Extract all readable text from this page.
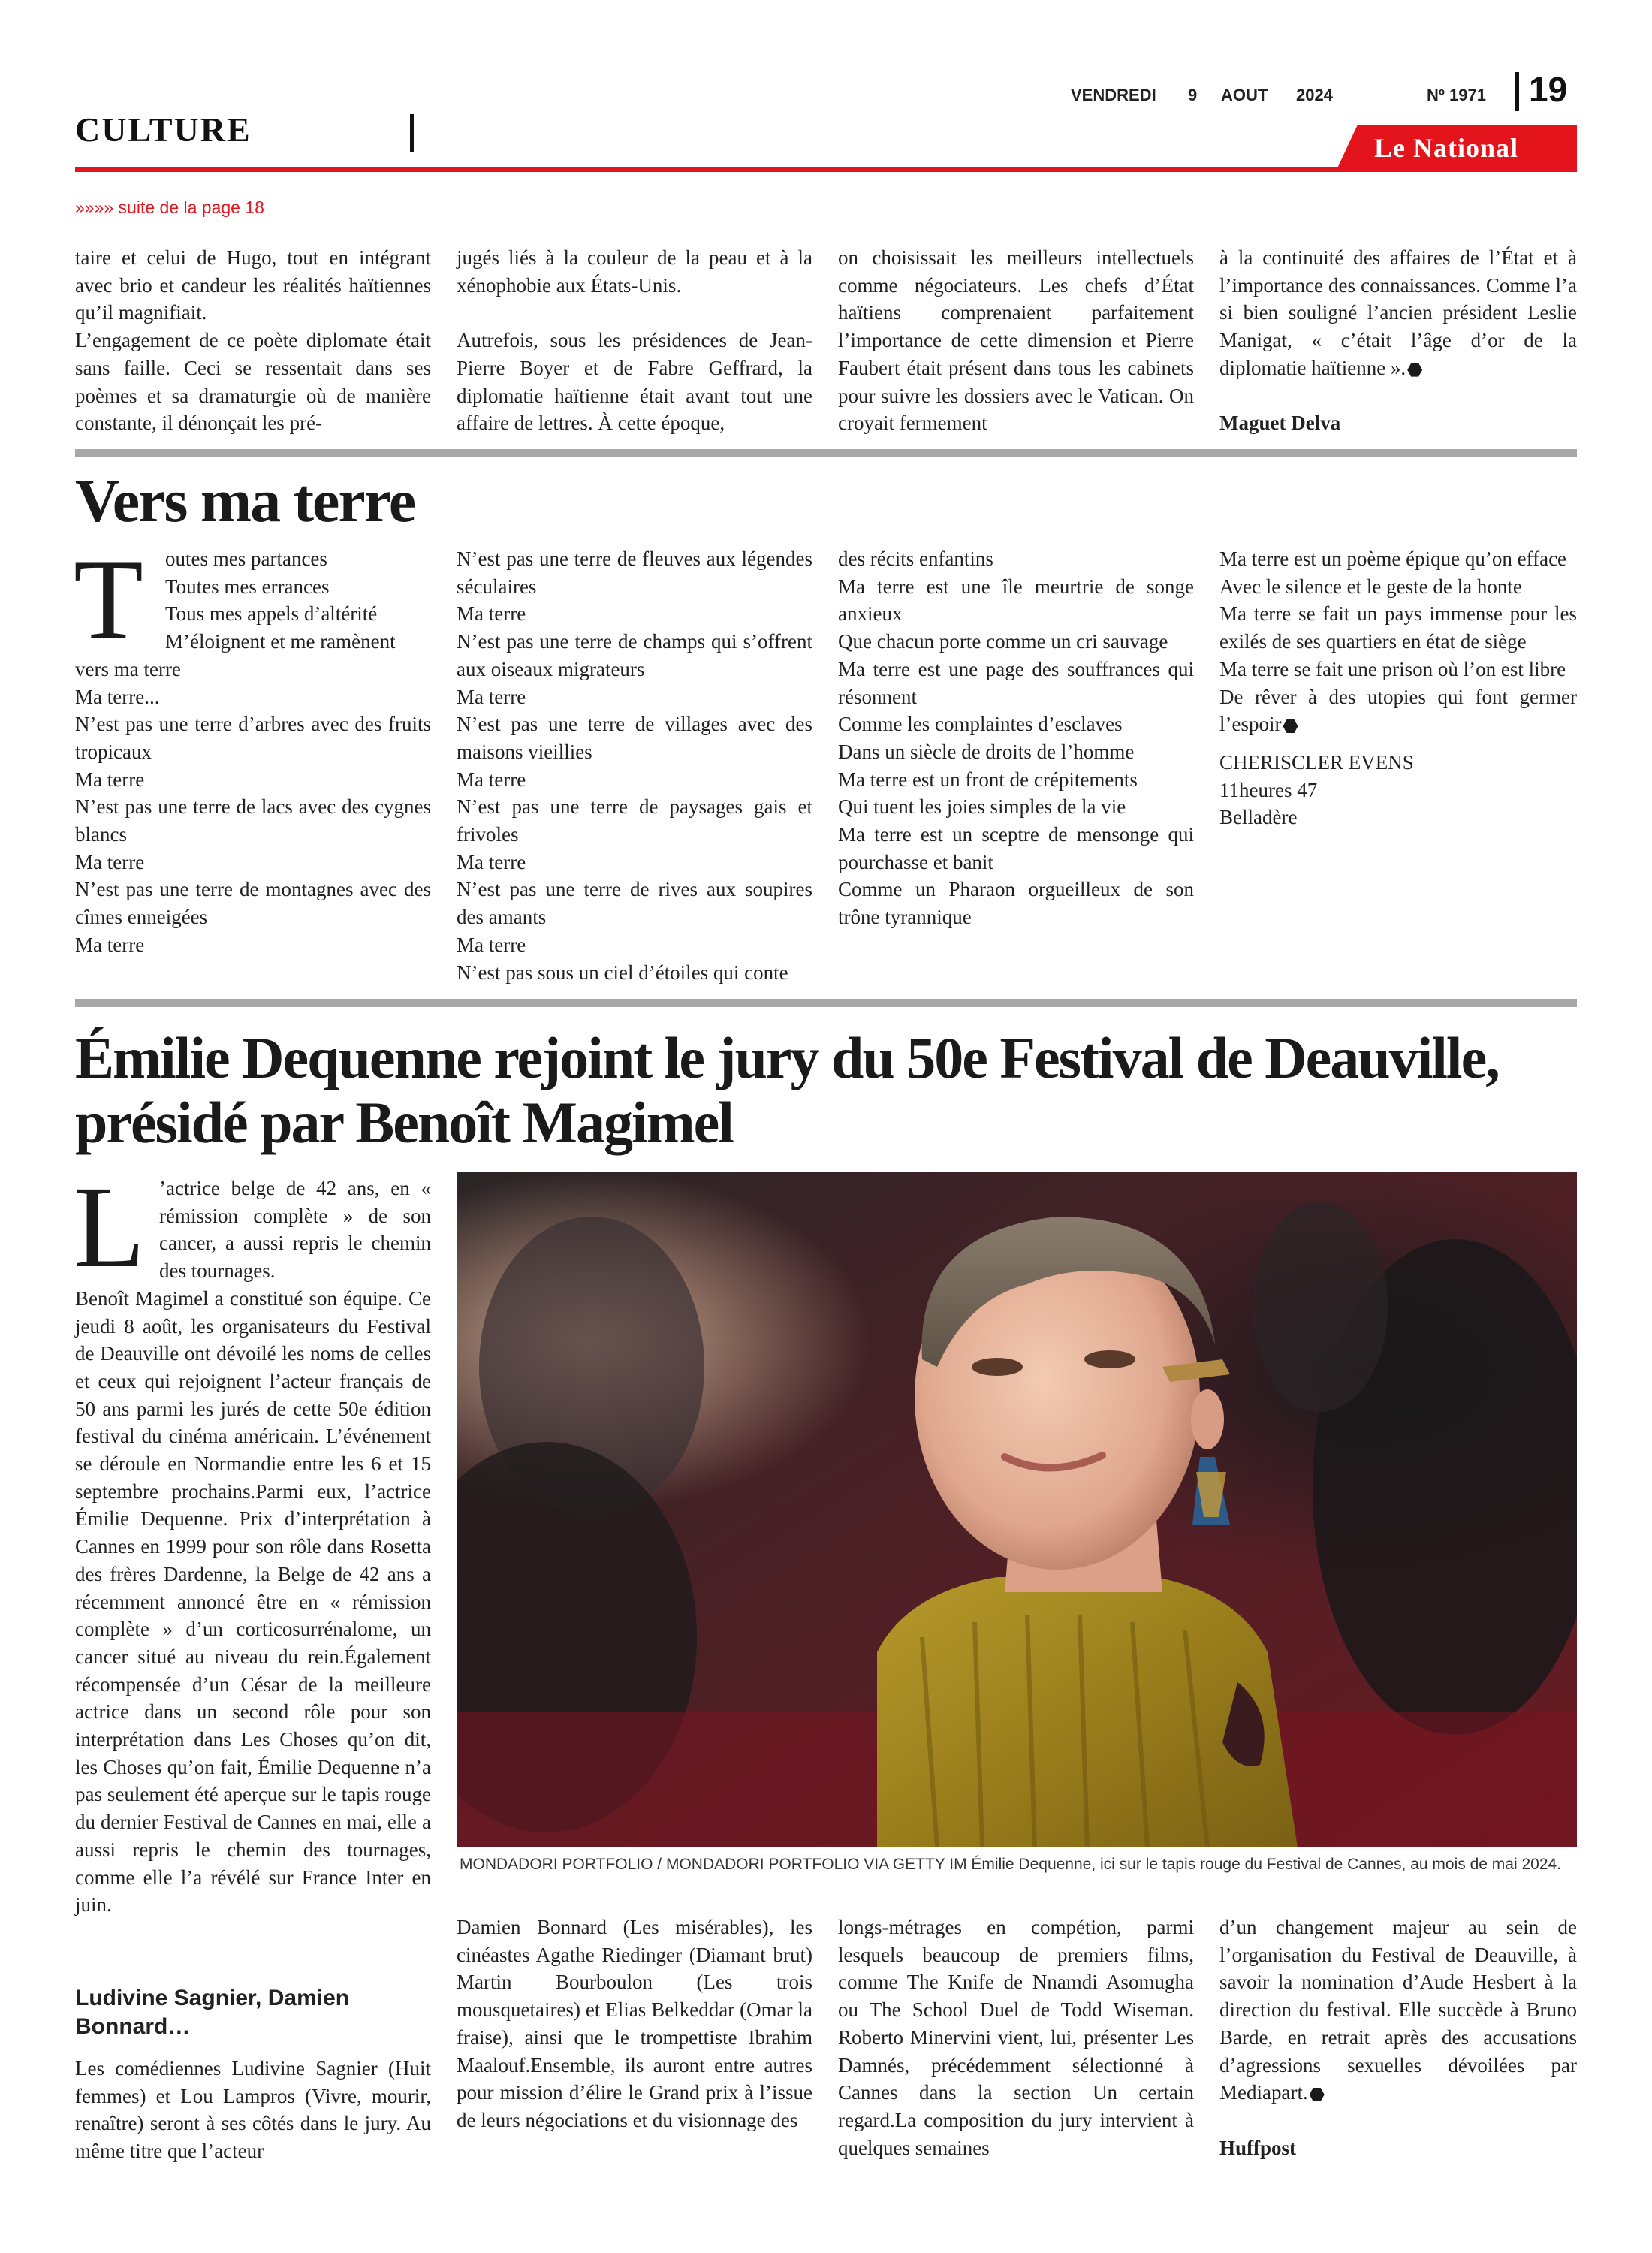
CULTURE
VENDREDI 9 AOUT 2024	Nº 1971 19
Le National
»»»» suite de la page 18

taire et celui de Hugo, tout en intégrant avec brio et candeur les réalités haïtiennes qu’il magnifiait.

L’engagement de ce poète diplomate était sans faille. Ceci se ressentait dans ses poèmes et sa dramaturgie où de manière constante, il dénonçait les pré-

jugés liés à la couleur de la peau et à la xénophobie aux États-Unis.

Autrefois, sous les présidences de Jean-Pierre Boyer et de Fabre Geffrard, la diplomatie haïtienne était avant tout une affaire de lettres. À cette époque,

on choisissait les meilleurs intellectuels comme négociateurs. Les chefs d’État haïtiens comprenaient parfaitement l’importance de cette dimension et Pierre Faubert était présent dans tous les cabinets pour suivre les dossiers avec le Vatican. On croyait fermement

à la continuité des affaires de l’État et à l’importance des connaissances. Comme l’a si bien souligné l’ancien président Leslie Manigat, « c’était l’âge d’or de la diplomatie haïtienne ».

Maguet Delva

Vers ma terre
T	outes mes partances

Toutes mes errances

Tous mes appels d’altérité

M’éloignent et me ramènent

vers ma terre

Ma terre...

N’est pas une terre d’arbres avec des fruits tropicaux

Ma terre

N’est pas une terre de lacs avec des cygnes blancs

Ma terre

N’est pas une terre de montagnes avec des cîmes enneigées

Ma terre

N’est pas une terre de fleuves aux légendes séculaires

Ma terre

N’est pas une terre de champs qui s’offrent aux oiseaux migrateurs

Ma terre

N’est pas une terre de villages avec des maisons vieillies

Ma terre

N’est pas une terre de paysages gais et frivoles

Ma terre

N’est pas une terre de rives aux soupires des amants

Ma terre

N’est pas sous un ciel d’étoiles qui conte

des récits enfantins

Ma terre est une île meurtrie de songe anxieux

Que chacun porte comme un cri sauvage

Ma terre est une page des souffrances qui résonnent

Comme les complaintes d’esclaves

Dans un siècle de droits de l’homme

Ma terre est un front de crépitements

Qui tuent les joies simples de la vie

Ma terre est un sceptre de mensonge qui pourchasse et banit

Comme un Pharaon orgueilleux de son trône tyrannique

Ma terre est un poème épique qu’on efface

Avec le silence et le geste de la honte

Ma terre se fait un pays immense pour les exilés de ses quartiers en état de siège

Ma terre se fait une prison où l’on est libre

De rêver à des utopies qui font germer l’espoir

CHERISCLER EVENS

11heures 47

Belladère

Émilie Dequenne rejoint le jury du 50e Festival de Deauville, présidé par Benoît Magimel
L ’actrice belge de 42 ans, en « rémission complète » de son cancer, a aussi repris le chemin des tournages.

Benoît Magimel a constitué son équipe. Ce jeudi 8 août, les organisateurs du Festival de Deauville ont dévoilé les noms de celles et ceux qui rejoignent l’acteur français de 50 ans parmi les jurés de cette 50e édition festival du cinéma américain. L’événement se déroule en Normandie entre les 6 et 15 septembre prochains.Parmi eux, l’actrice Émilie Dequenne. Prix d’interprétation à Cannes en 1999 pour son rôle dans Rosetta des frères Dardenne, la Belge de 42 ans a récemment annoncé être en « rémission complète » d’un corticosurrénalome, un cancer situé au niveau du rein.Également récompensée d’un César de la meilleure actrice dans un second rôle pour son interprétation dans Les Choses qu’on dit, les Choses qu’on fait, Émilie Dequenne n’a pas seulement été aperçue sur le tapis rouge du dernier Festival de Cannes en mai, elle a aussi repris le chemin des tournages, comme elle l’a révélé sur France Inter en juin.

Ludivine Sagnier, Damien Bonnard…

Les comédiennes Ludivine Sagnier (Huit femmes) et Lou Lampros (Vivre, mourir, renaître) seront à ses côtés dans le jury. Au même titre que l’acteur

MONDADORI PORTFOLIO / MONDADORI PORTFOLIO VIA GETTY IM Émilie Dequenne, ici sur le tapis rouge du Festival de Cannes, au mois de mai 2024.

Damien Bonnard (Les misérables), les cinéastes Agathe Riedinger (Diamant brut) Martin Bourboulon (Les trois mousquetaires) et Elias Belkeddar (Omar la fraise), ainsi que le trompettiste Ibrahim Maalouf.Ensemble, ils auront entre autres pour mission d’élire le Grand prix à l’issue de leurs négociations et du visionnage des

longs-métrages en compétion, parmi lesquels beaucoup de premiers films, comme The Knife de Nnamdi Asomugha ou The School Duel de Todd Wiseman. Roberto Minervini vient, lui, présenter Les Damnés, précédemment sélectionné à Cannes dans la section Un certain regard.La composition du jury intervient à quelques semaines

d’un changement majeur au sein de l’organisation du Festival de Deauville, à savoir la nomination d’Aude Hesbert à la direction du festival. Elle succède à Bruno Barde, en retrait après des accusations d’agressions sexuelles dévoilées par Mediapart.

Huffpost
